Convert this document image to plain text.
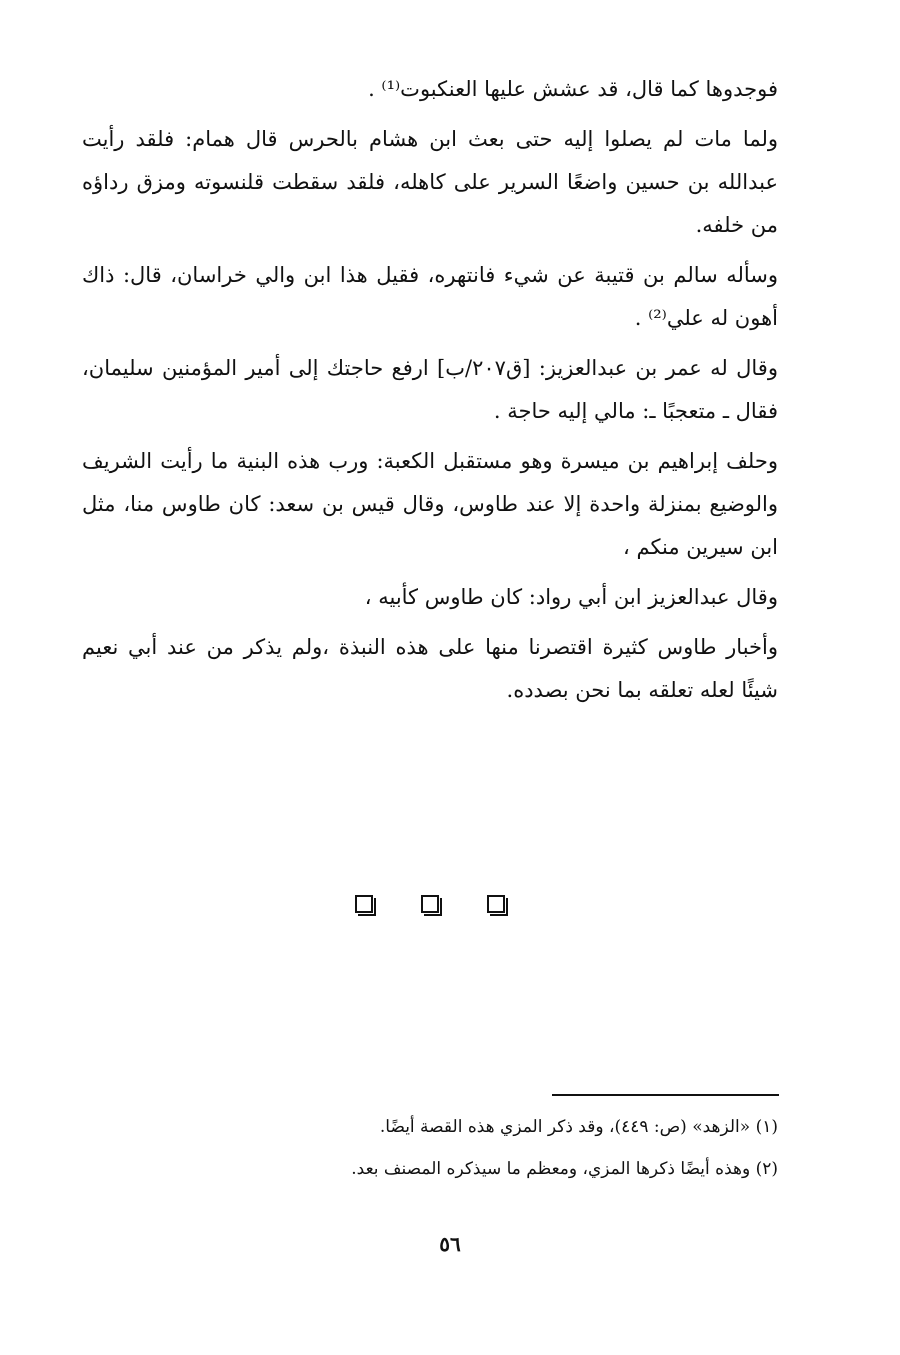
فوجدوها كما قال، قد عشش عليها العنكبوت⁽¹⁾ .

ولما مات لم يصلوا إليه حتى بعث ابن هشام بالحرس قال همام: فلقد رأيت عبدالله بن حسين واضعًا السرير على كاهله، فلقد سقطت قلنسوته ومزق رداؤه من خلفه.

وسأله سالم بن قتيبة عن شيء فانتهره، فقيل هذا ابن والي خراسان، قال: ذاك أهون له علي⁽²⁾ .

وقال له عمر بن عبدالعزيز: [ق٢٠٧/ب] ارفع حاجتك إلى أمير المؤمنين سليمان، فقال ـ متعجبًا ـ: مالي إليه حاجة .

وحلف إبراهيم بن ميسرة وهو مستقبل الكعبة: ورب هذه البنية ما رأيت الشريف والوضيع بمنزلة واحدة إلا عند طاوس، وقال قيس بن سعد: كان طاوس منا، مثل ابن سيرين منكم ،

وقال عبدالعزيز ابن أبي رواد: كان طاوس كأبيه ،

وأخبار طاوس كثيرة اقتصرنا منها على هذه النبذة ،ولم يذكر من عند أبي نعيم شيئًا لعله تعلقه بما نحن بصدده.

(١) «الزهد» (ص: ٤٤٩)، وقد ذكر المزي هذه القصة أيضًا.

(٢) وهذه أيضًا ذكرها المزي، ومعظم ما سيذكره المصنف بعد.

٥٦
